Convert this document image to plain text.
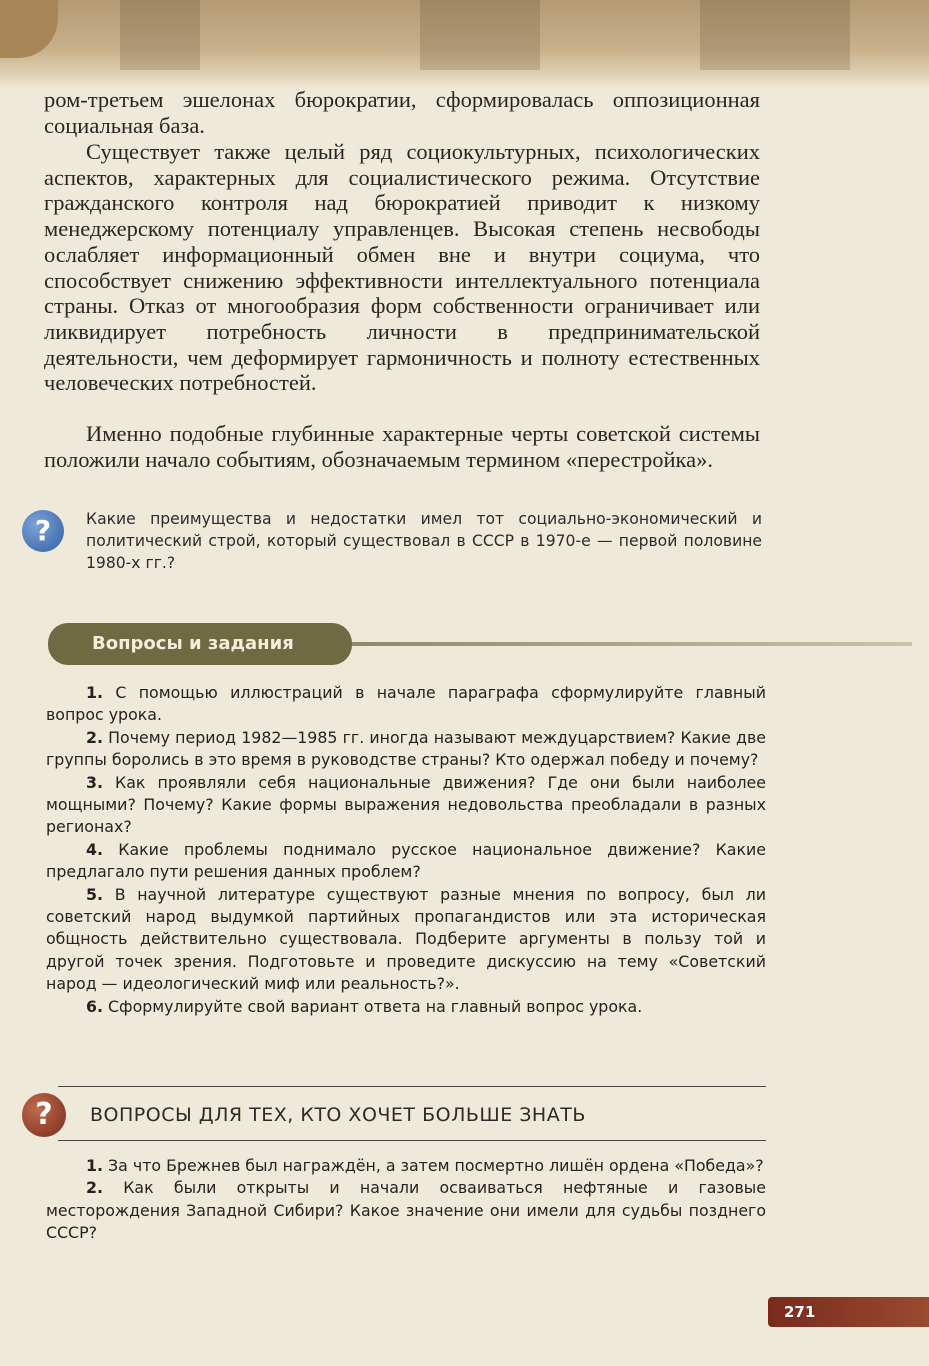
ром-третьем эшелонах бюрократии, сформировалась оппозиционная социальная база.

Существует также целый ряд социокультурных, психологических аспектов, характерных для социалистического режима. Отсутствие гражданского контроля над бюрократией приводит к низкому менеджерскому потенциалу управленцев. Высокая степень несвободы ослабляет информационный обмен вне и внутри социума, что способствует снижению эффективности интеллектуального потенциала страны. Отказ от многообразия форм собственности ограничивает или ликвидирует потребность личности в предпринимательской деятельности, чем деформирует гармоничность и полноту естественных человеческих потребностей.

Именно подобные глубинные характерные черты советской системы положили начало событиям, обозначаемым термином «перестройка».

?	Какие преимущества и недостатки имел тот социально-экономический и политический строй, который существовал в СССР в 1970-е — первой половине 1980-х гг.?
Вопросы и задания
1. С помощью иллюстраций в начале параграфа сформулируйте главный вопрос урока.
2. Почему период 1982—1985 гг. иногда называют междуцарствием? Какие две группы боролись в это время в руководстве страны? Кто одержал победу и почему?
3. Как проявляли себя национальные движения? Где они были наиболее мощными? Почему? Какие формы выражения недовольства преобладали в разных регионах?
4. Какие проблемы поднимало русское национальное движение? Какие предлагало пути решения данных проблем?
5. В научной литературе существуют разные мнения по вопросу, был ли советский народ выдумкой партийных пропагандистов или эта историческая общность действительно существовала. Подберите аргументы в пользу той и другой точек зрения. Подготовьте и проведите дискуссию на тему «Советский народ — идеологический миф или реальность?».
6. Сформулируйте свой вариант ответа на главный вопрос урока.
?	ВОПРОСЫ ДЛЯ ТЕХ, КТО ХОЧЕТ БОЛЬШЕ ЗНАТЬ
1. За что Брежнев был награждён, а затем посмертно лишён ордена «Победа»?
2. Как были открыты и начали осваиваться нефтяные и газовые месторождения Западной Сибири? Какое значение они имели для судьбы позднего СССР?
271
